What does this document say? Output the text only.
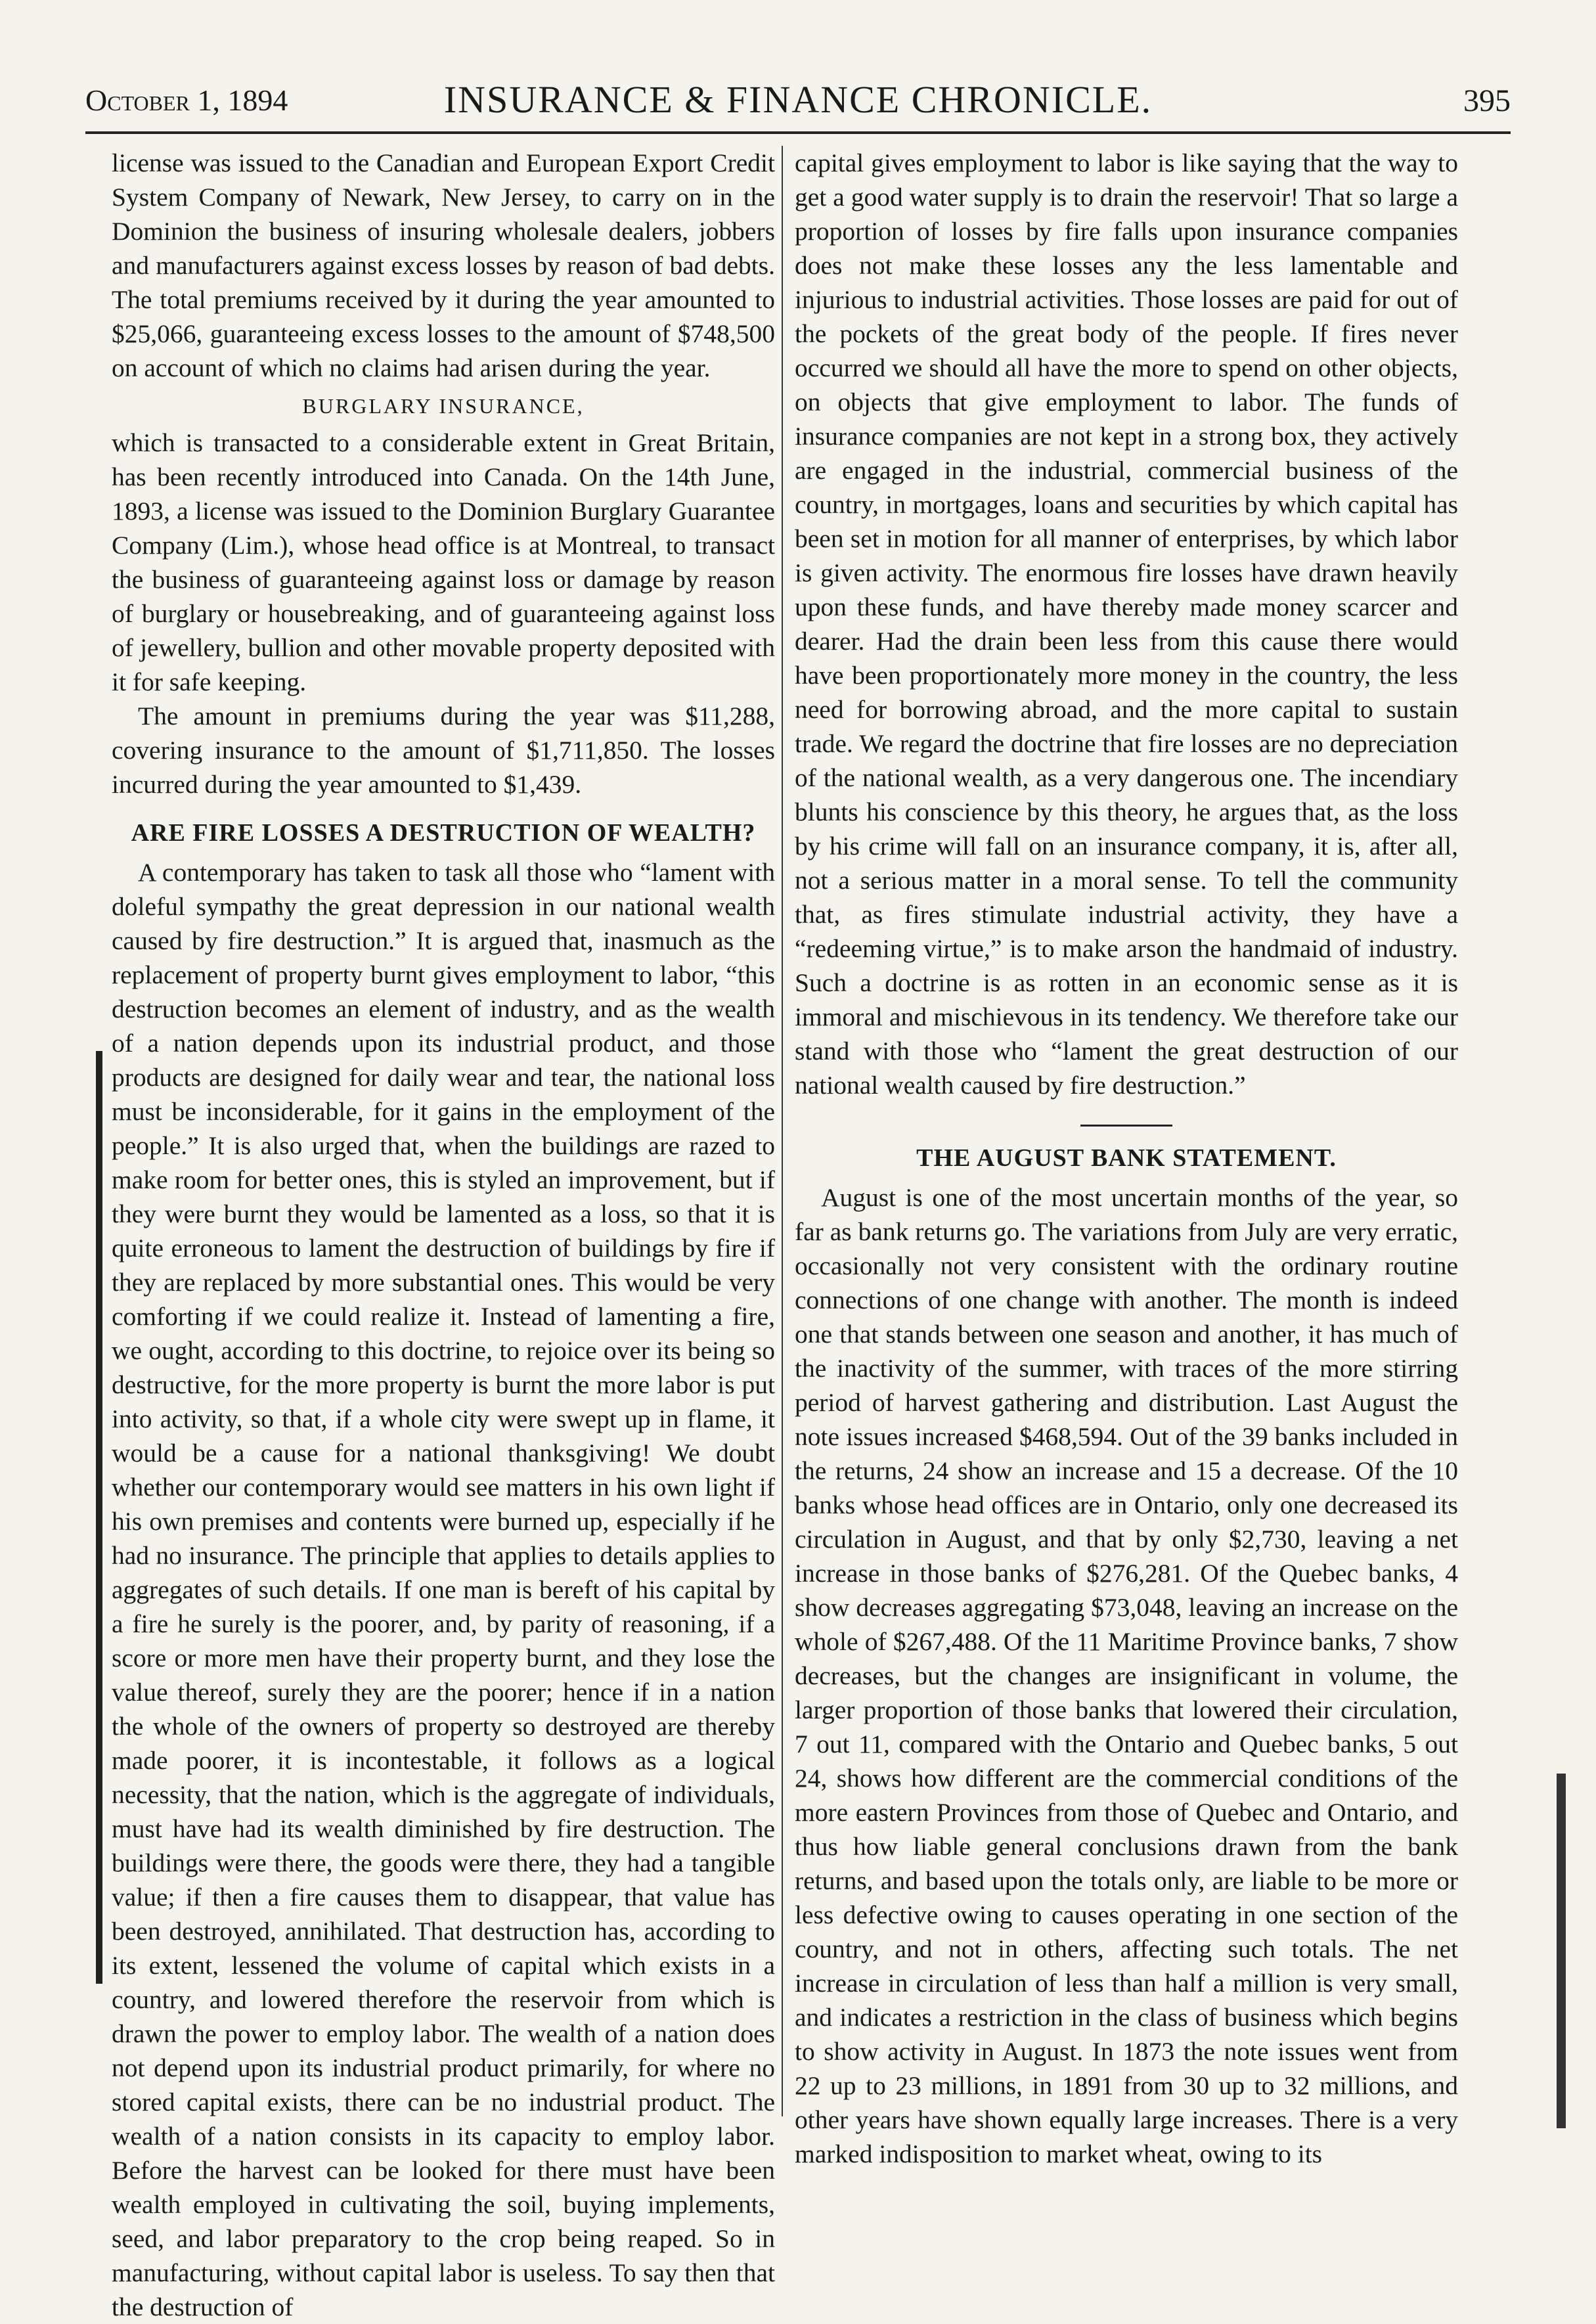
October 1, 1894	INSURANCE & FINANCE CHRONICLE.	395

license was issued to the Canadian and European Export Credit System Company of Newark, New Jersey, to carry on in the Dominion the business of insuring wholesale dealers, jobbers and manufacturers against excess losses by reason of bad debts. The total premiums received by it during the year amounted to $25,066, guaranteeing excess losses to the amount of $748,500 on account of which no claims had arisen during the year.

BURGLARY INSURANCE,

which is transacted to a considerable extent in Great Britain, has been recently introduced into Canada. On the 14th June, 1893, a license was issued to the Dominion Burglary Guarantee Company (Lim.), whose head office is at Montreal, to transact the business of guaranteeing against loss or damage by reason of burglary or housebreaking, and of guaranteeing against loss of jewellery, bullion and other movable property deposited with it for safe keeping.

The amount in premiums during the year was $11,288, covering insurance to the amount of $1,711,850. The losses incurred during the year amounted to $1,439.

ARE FIRE LOSSES A DESTRUCTION OF WEALTH?

A contemporary has taken to task all those who “lament with doleful sympathy the great depression in our national wealth caused by fire destruction.” It is argued that, inasmuch as the replacement of property burnt gives employment to labor, “this destruction becomes an element of industry, and as the wealth of a nation depends upon its industrial product, and those products are designed for daily wear and tear, the national loss must be inconsiderable, for it gains in the employment of the people.” It is also urged that, when the buildings are razed to make room for better ones, this is styled an improvement, but if they were burnt they would be lamented as a loss, so that it is quite erroneous to lament the destruction of buildings by fire if they are replaced by more substantial ones. This would be very comforting if we could realize it. Instead of lamenting a fire, we ought, according to this doctrine, to rejoice over its being so destructive, for the more property is burnt the more labor is put into activity, so that, if a whole city were swept up in flame, it would be a cause for a national thanksgiving! We doubt whether our contemporary would see matters in his own light if his own premises and contents were burned up, especially if he had no insurance. The principle that applies to details applies to aggregates of such details. If one man is bereft of his capital by a fire he surely is the poorer, and, by parity of reasoning, if a score or more men have their property burnt, and they lose the value thereof, surely they are the poorer; hence if in a nation the whole of the owners of property so destroyed are thereby made poorer, it is incontestable, it follows as a logical necessity, that the nation, which is the aggregate of individuals, must have had its wealth diminished by fire destruction. The buildings were there, the goods were there, they had a tangible value; if then a fire causes them to disappear, that value has been destroyed, annihilated. That destruction has, according to its extent, lessened the volume of capital which exists in a country, and lowered therefore the reservoir from which is drawn the power to employ labor. The wealth of a nation does not depend upon its industrial product primarily, for where no stored capital exists, there can be no industrial product. The wealth of a nation consists in its capacity to employ labor. Before the harvest can be looked for there must have been wealth employed in cultivating the soil, buying implements, seed, and labor preparatory to the crop being reaped. So in manufacturing, without capital labor is useless. To say then that the destruction of

capital gives employment to labor is like saying that the way to get a good water supply is to drain the reservoir! That so large a proportion of losses by fire falls upon insurance companies does not make these losses any the less lamentable and injurious to industrial activities. Those losses are paid for out of the pockets of the great body of the people. If fires never occurred we should all have the more to spend on other objects, on objects that give employment to labor. The funds of insurance companies are not kept in a strong box, they actively are engaged in the industrial, commercial business of the country, in mortgages, loans and securities by which capital has been set in motion for all manner of enterprises, by which labor is given activity. The enormous fire losses have drawn heavily upon these funds, and have thereby made money scarcer and dearer. Had the drain been less from this cause there would have been proportionately more money in the country, the less need for borrowing abroad, and the more capital to sustain trade. We regard the doctrine that fire losses are no depreciation of the national wealth, as a very dangerous one. The incendiary blunts his conscience by this theory, he argues that, as the loss by his crime will fall on an insurance company, it is, after all, not a serious matter in a moral sense. To tell the community that, as fires stimulate industrial activity, they have a “redeeming virtue,” is to make arson the handmaid of industry. Such a doctrine is as rotten in an economic sense as it is immoral and mischievous in its tendency. We therefore take our stand with those who “lament the great destruction of our national wealth caused by fire destruction.”

THE AUGUST BANK STATEMENT.

August is one of the most uncertain months of the year, so far as bank returns go. The variations from July are very erratic, occasionally not very consistent with the ordinary routine connections of one change with another. The month is indeed one that stands between one season and another, it has much of the inactivity of the summer, with traces of the more stirring period of harvest gathering and distribution. Last August the note issues increased $468,594. Out of the 39 banks included in the returns, 24 show an increase and 15 a decrease. Of the 10 banks whose head offices are in Ontario, only one decreased its circulation in August, and that by only $2,730, leaving a net increase in those banks of $276,281. Of the Quebec banks, 4 show decreases aggregating $73,048, leaving an increase on the whole of $267,488. Of the 11 Maritime Province banks, 7 show decreases, but the changes are insignificant in volume, the larger proportion of those banks that lowered their circulation, 7 out 11, compared with the Ontario and Quebec banks, 5 out 24, shows how different are the commercial conditions of the more eastern Provinces from those of Quebec and Ontario, and thus how liable general conclusions drawn from the bank returns, and based upon the totals only, are liable to be more or less defective owing to causes operating in one section of the country, and not in others, affecting such totals. The net increase in circulation of less than half a million is very small, and indicates a restriction in the class of business which begins to show activity in August. In 1873 the note issues went from 22 up to 23 millions, in 1891 from 30 up to 32 millions, and other years have shown equally large increases. There is a very marked indisposition to market wheat, owing to its
